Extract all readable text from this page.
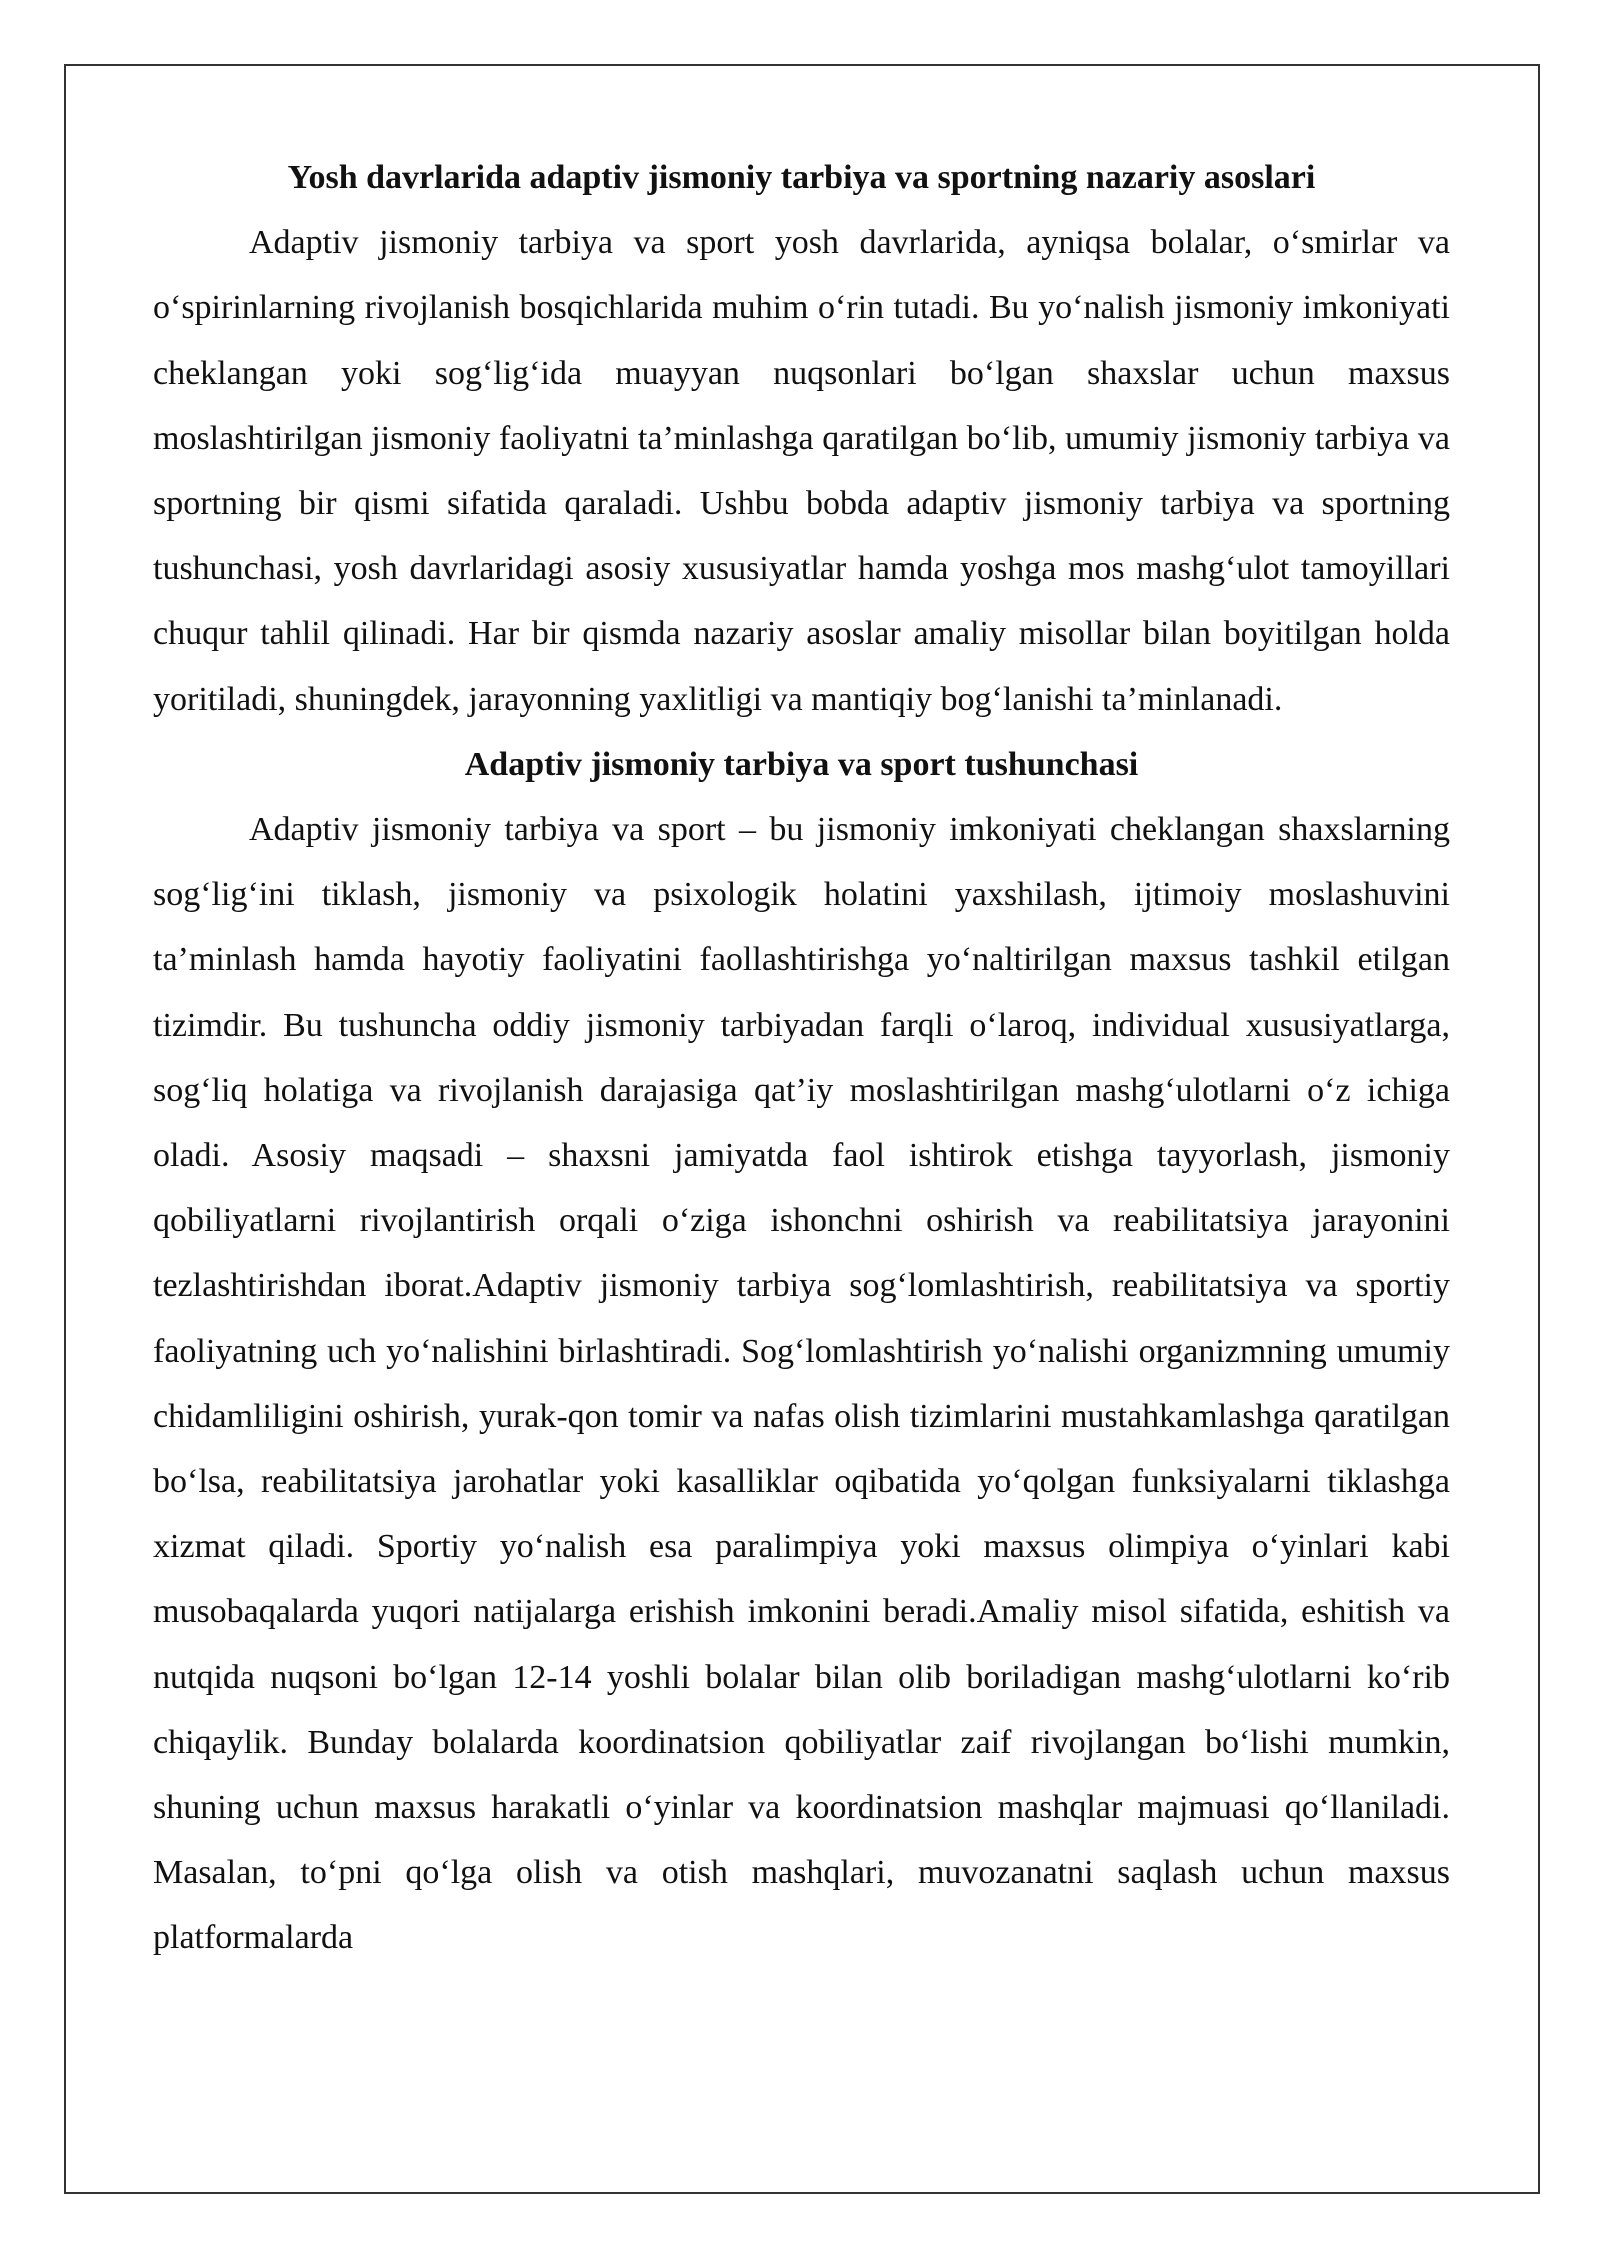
Yosh davrlarida adaptiv jismoniy tarbiya va sportning nazariy asoslari

Adaptiv jismoniy tarbiya va sport yosh davrlarida, ayniqsa bolalar, o‘smirlar va o‘spirinlarning rivojlanish bosqichlarida muhim o‘rin tutadi. Bu yo‘nalish jismoniy imkoniyati cheklangan yoki sog‘lig‘ida muayyan nuqsonlari bo‘lgan shaxslar uchun maxsus moslashtirilgan jismoniy faoliyatni ta’minlashga qaratilgan bo‘lib, umumiy jismoniy tarbiya va sportning bir qismi sifatida qaraladi. Ushbu bobda adaptiv jismoniy tarbiya va sportning tushunchasi, yosh davrlaridagi asosiy xususiyatlar hamda yoshga mos mashg‘ulot tamoyillari chuqur tahlil qilinadi. Har bir qismda nazariy asoslar amaliy misollar bilan boyitilgan holda yoritiladi, shuningdek, jarayonning yaxlitligi va mantiqiy bog‘lanishi ta’minlanadi.

Adaptiv jismoniy tarbiya va sport tushunchasi

Adaptiv jismoniy tarbiya va sport – bu jismoniy imkoniyati cheklangan shaxslarning sog‘lig‘ini tiklash, jismoniy va psixologik holatini yaxshilash, ijtimoiy moslashuvini ta’minlash hamda hayotiy faoliyatini faollashtirishga yo‘naltirilgan maxsus tashkil etilgan tizimdir. Bu tushuncha oddiy jismoniy tarbiyadan farqli o‘laroq, individual xususiyatlarga, sog‘liq holatiga va rivojlanish darajasiga qat’iy moslashtirilgan mashg‘ulotlarni o‘z ichiga oladi. Asosiy maqsadi – shaxsni jamiyatda faol ishtirok etishga tayyorlash, jismoniy qobiliyatlarni rivojlantirish orqali o‘ziga ishonchni oshirish va reabilitatsiya jarayonini tezlashtirishdan iborat.Adaptiv jismoniy tarbiya sog‘lomlashtirish, reabilitatsiya va sportiy faoliyatning uch yo‘nalishini birlashtiradi. Sog‘lomlashtirish yo‘nalishi organizmning umumiy chidamliligini oshirish, yurak-qon tomir va nafas olish tizimlarini mustahkamlashga qaratilgan bo‘lsa, reabilitatsiya jarohatlar yoki kasalliklar oqibatida yo‘qolgan funksiyalarni tiklashga xizmat qiladi. Sportiy yo‘nalish esa paralimpiya yoki maxsus olimpiya o‘yinlari kabi musobaqalarda yuqori natijalarga erishish imkonini beradi.Amaliy misol sifatida, eshitish va nutqida nuqsoni bo‘lgan 12-14 yoshli bolalar bilan olib boriladigan mashg‘ulotlarni ko‘rib chiqaylik. Bunday bolalarda koordinatsion qobiliyatlar zaif rivojlangan bo‘lishi mumkin, shuning uchun maxsus harakatli o‘yinlar va koordinatsion mashqlar majmuasi qo‘llaniladi. Masalan, to‘pni qo‘lga olish va otish mashqlari, muvozanatni saqlash uchun maxsus platformalarda
